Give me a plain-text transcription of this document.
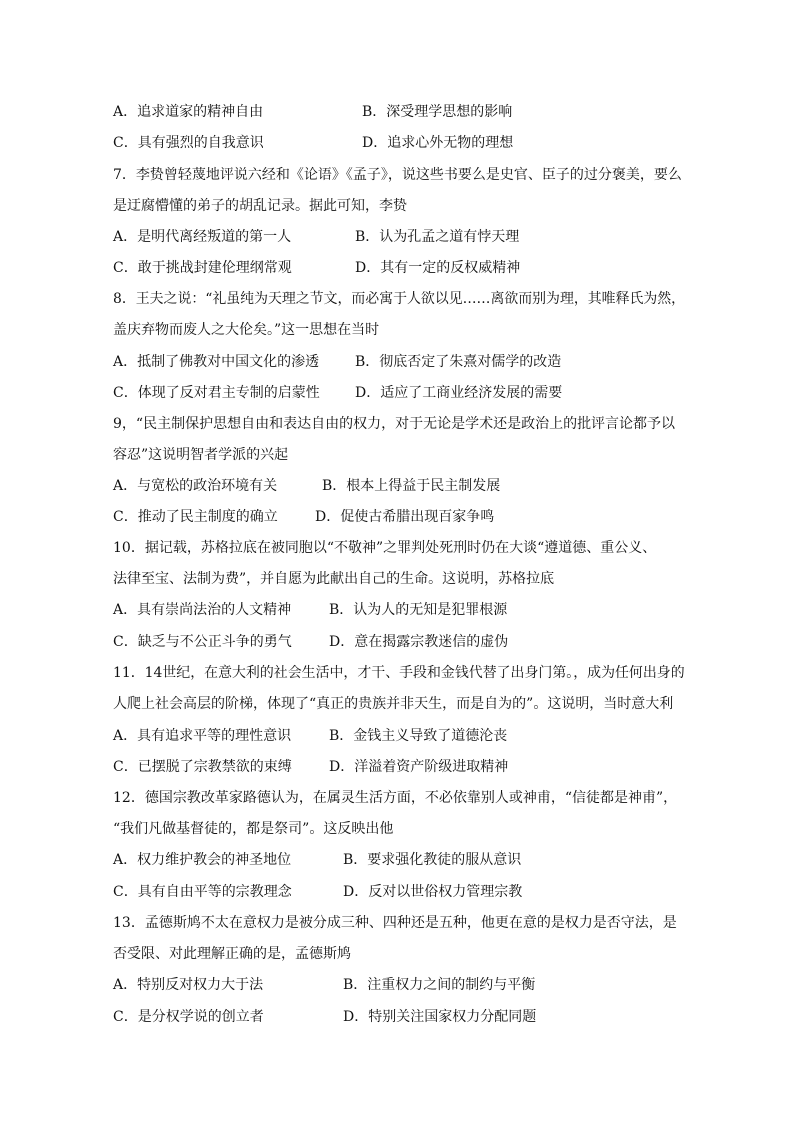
A．追求道家的精神自由	B．深受理学思想的影响
C．具有强烈的自我意识	D．追求心外无物的理想
7．李贽曾轻蔑地评说六经和《论语》《孟子》，说这些书要么是史官、臣子的过分褒美，要么
是迂腐懵懂的弟子的胡乱记录。据此可知，李贽
A．是明代离经叛道的第一人	B．认为孔孟之道有悖天理
C．敢于挑战封建伦理纲常观	D．其有一定的反权威精神
8．王夫之说：“礼虽纯为天理之节文，而必寓于人欲以见……离欲而别为理，其唯释氏为然，
盖庆弃物而废人之大伦矣。”这一思想在当时
A．抵制了佛教对中国文化的渗透	B．彻底否定了朱熹对儒学的改造
C．体现了反对君主专制的启蒙性	D．适应了工商业经济发展的需要
9，“民主制保护思想自由和表达自由的权力，对于无论是学术还是政治上的批评言论都予以
容忍”这说明智者学派的兴起
A．与宽松的政治环境有关	B．根本上得益于民主制发展
C．推动了民主制度的确立	D．促使古希腊出现百家争鸣
10．据记载，苏格拉底在被同胞以“不敬神”之罪判处死刑时仍在大谈“遵道德、重公义、
法律至宝、法制为费”，并自愿为此献出自己的生命。这说明，苏格拉底
A．具有崇尚法治的人文精神	B．认为人的无知是犯罪根源
C．缺乏与不公正斗争的勇气	D．意在揭露宗教迷信的虚伪
11．14世纪，在意大利的社会生活中，才干、手段和金钱代替了出身门第。，成为任何出身的
人爬上社会高层的阶梯，体现了“真正的贵族并非天生，而是自为的”。这说明，当时意大利
A．具有追求平等的理性意识	B．金钱主义导致了道德沦丧
C．已摆脱了宗教禁欲的束缚	D．洋溢着资产阶级进取精神
12．德国宗教改革家路德认为，在属灵生活方面，不必依靠别人或神甫，“信徒都是神甫”，
“我们凡做基督徒的，都是祭司”。这反映出他
A．权力维护教会的神圣地位	B．要求强化教徒的服从意识
C．具有自由平等的宗教理念	D．反对以世俗权力管理宗教
13．孟德斯鸠不太在意权力是被分成三种、四种还是五种，他更在意的是权力是否守法，是
否受限、对此理解正确的是，孟德斯鸠
A．特别反对权力大于法	B．注重权力之间的制约与平衡
C．是分权学说的创立者	D．特别关注国家权力分配同题
